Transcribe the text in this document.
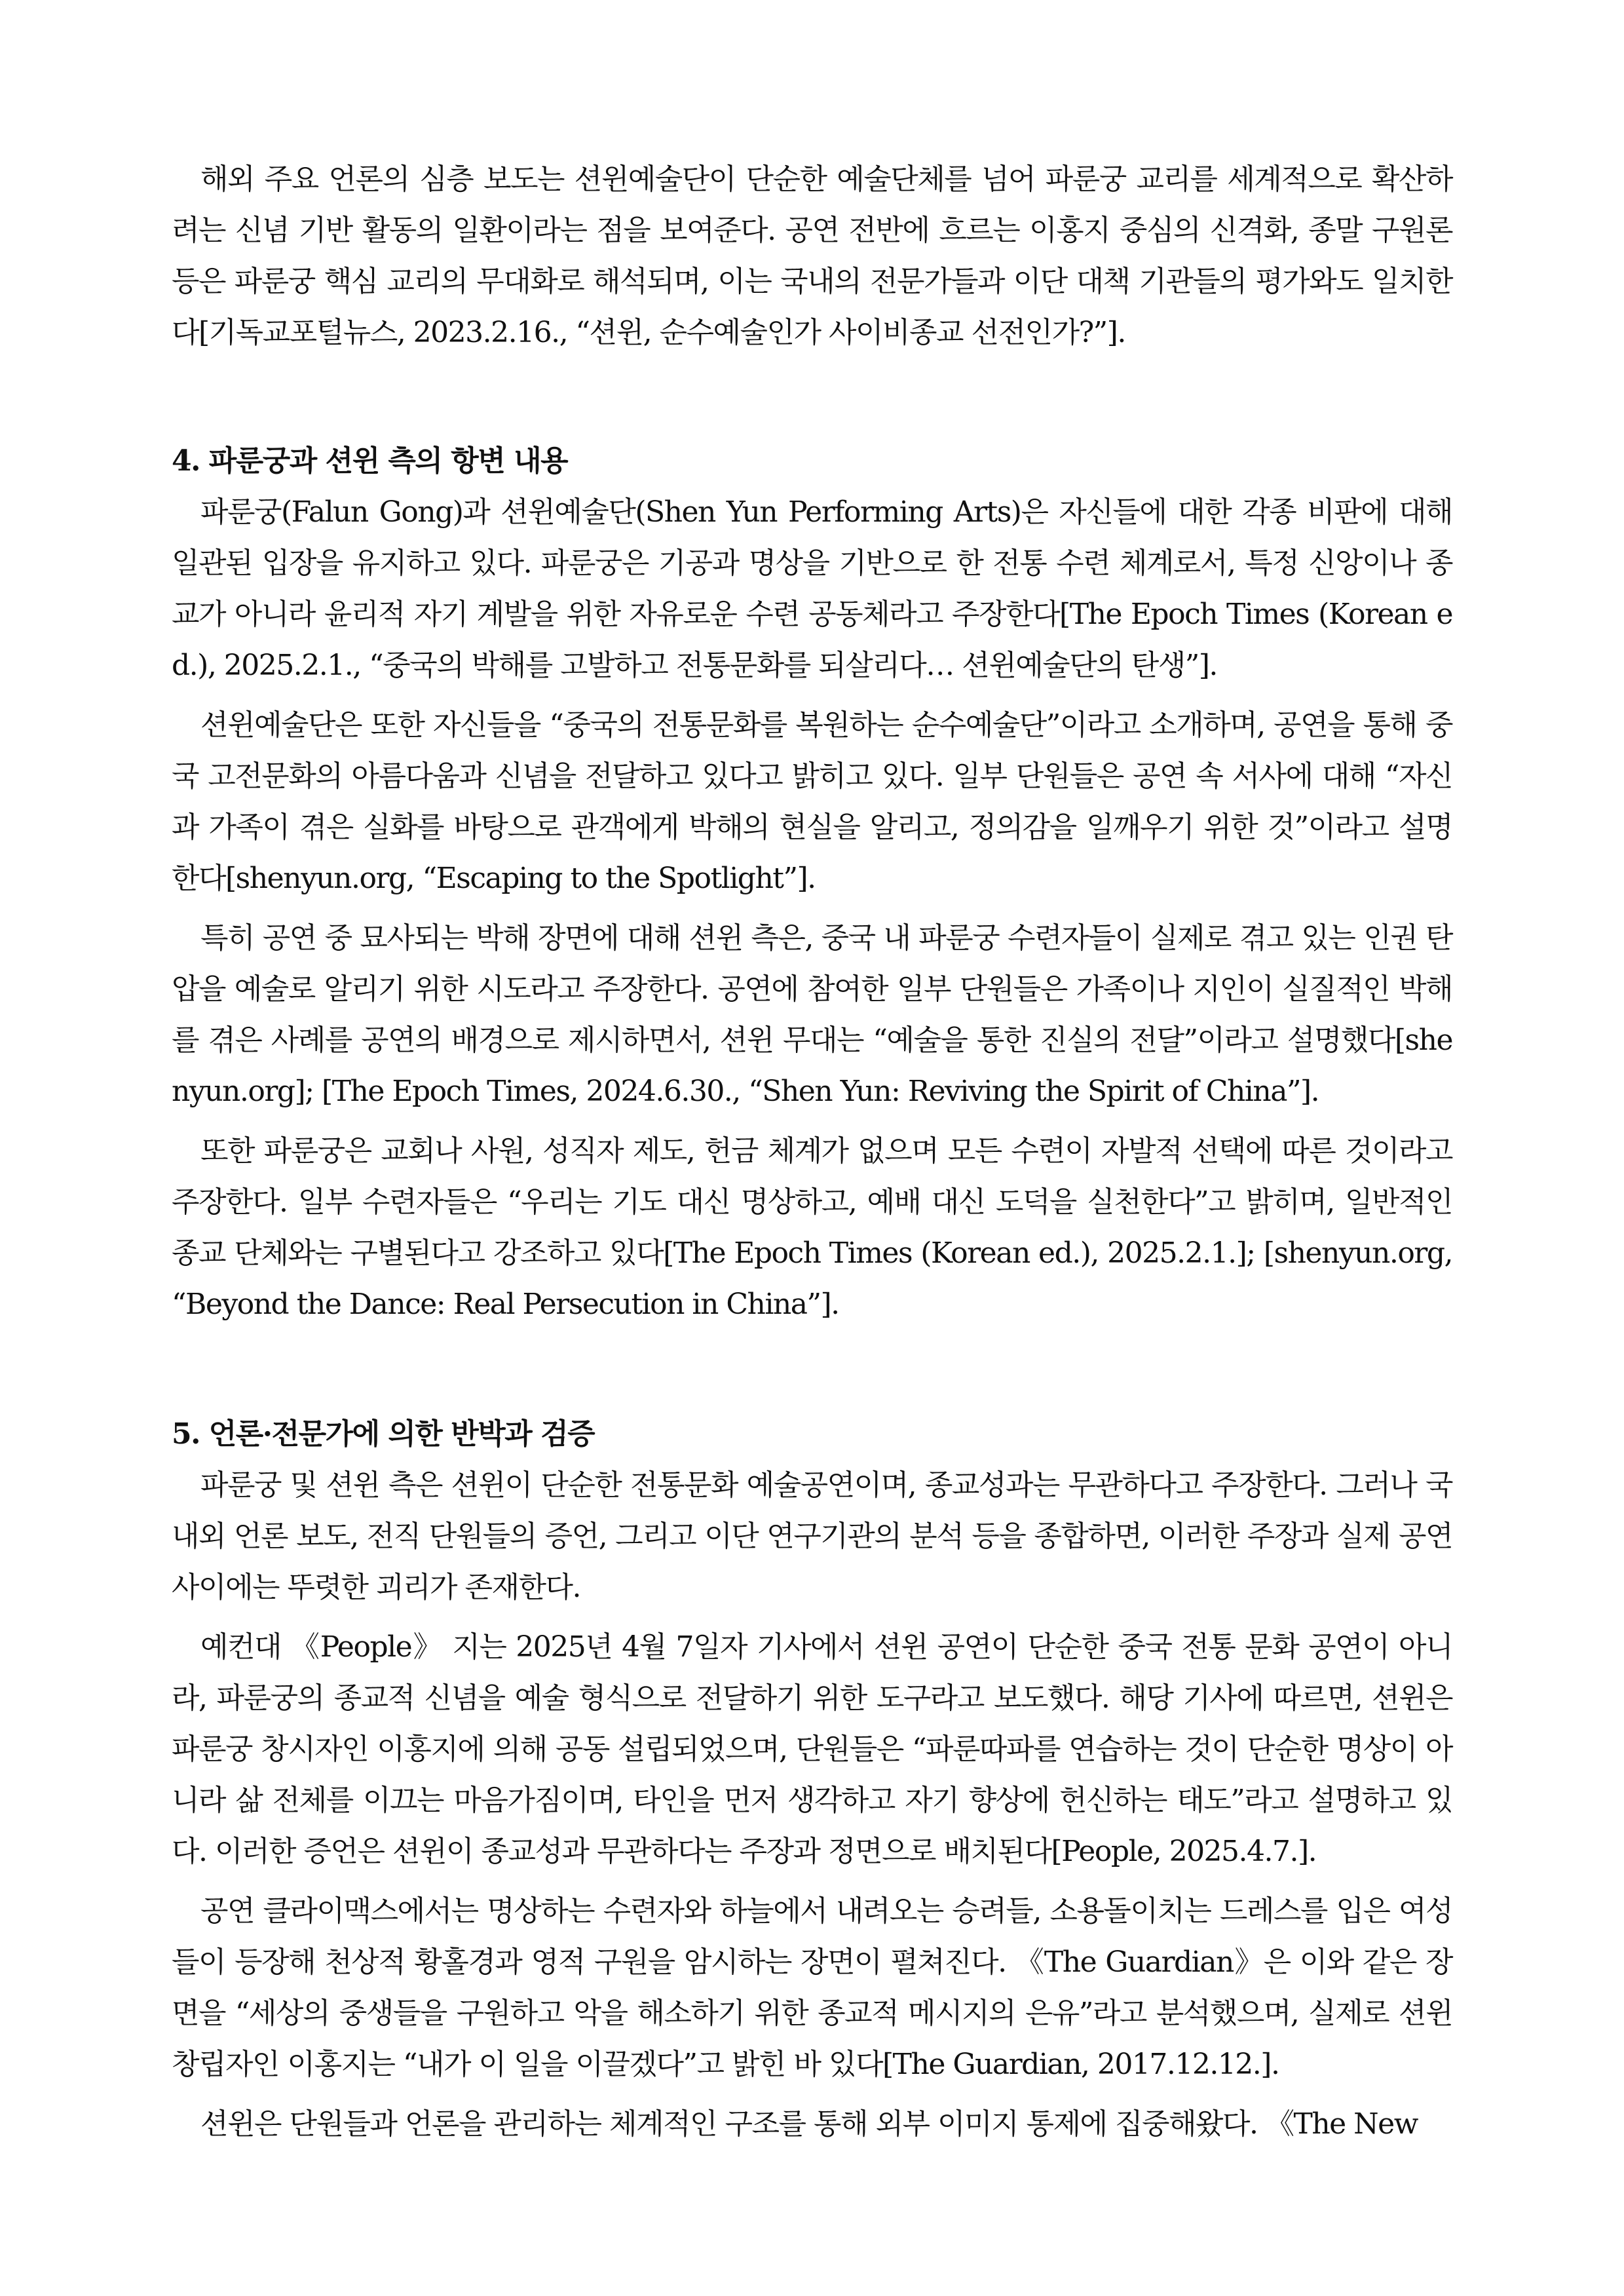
해외 주요 언론의 심층 보도는 션윈예술단이 단순한 예술단체를 넘어 파룬궁 교리를 세계적으로 확산하려는 신념 기반 활동의 일환이라는 점을 보여준다. 공연 전반에 흐르는 이홍지 중심의 신격화, 종말 구원론 등은 파룬궁 핵심 교리의 무대화로 해석되며, 이는 국내의 전문가들과 이단 대책 기관들의 평가와도 일치한다[기독교포털뉴스, 2023.2.16., “션윈, 순수예술인가 사이비종교 선전인가?”].

4. 파룬궁과 션윈 측의 항변 내용

파룬궁(Falun Gong)과 션윈예술단(Shen Yun Performing Arts)은 자신들에 대한 각종 비판에 대해 일관된 입장을 유지하고 있다. 파룬궁은 기공과 명상을 기반으로 한 전통 수련 체계로서, 특정 신앙이나 종교가 아니라 윤리적 자기 계발을 위한 자유로운 수련 공동체라고 주장한다[The Epoch Times (Korean ed.), 2025.2.1., “중국의 박해를 고발하고 전통문화를 되살리다… 션윈예술단의 탄생”].

션윈예술단은 또한 자신들을 “중국의 전통문화를 복원하는 순수예술단”이라고 소개하며, 공연을 통해 중국 고전문화의 아름다움과 신념을 전달하고 있다고 밝히고 있다. 일부 단원들은 공연 속 서사에 대해 “자신과 가족이 겪은 실화를 바탕으로 관객에게 박해의 현실을 알리고, 정의감을 일깨우기 위한 것”이라고 설명한다[shenyun.org, “Escaping to the Spotlight”].

특히 공연 중 묘사되는 박해 장면에 대해 션윈 측은, 중국 내 파룬궁 수련자들이 실제로 겪고 있는 인권 탄압을 예술로 알리기 위한 시도라고 주장한다. 공연에 참여한 일부 단원들은 가족이나 지인이 실질적인 박해를 겪은 사례를 공연의 배경으로 제시하면서, 션윈 무대는 “예술을 통한 진실의 전달”이라고 설명했다[shenyun.org]; [The Epoch Times, 2024.6.30., “Shen Yun: Reviving the Spirit of China”].

또한 파룬궁은 교회나 사원, 성직자 제도, 헌금 체계가 없으며 모든 수련이 자발적 선택에 따른 것이라고 주장한다. 일부 수련자들은 “우리는 기도 대신 명상하고, 예배 대신 도덕을 실천한다”고 밝히며, 일반적인 종교 단체와는 구별된다고 강조하고 있다[The Epoch Times (Korean ed.), 2025.2.1.]; [shenyun.org, “Beyond the Dance: Real Persecution in China”].

5. 언론·전문가에 의한 반박과 검증

파룬궁 및 션윈 측은 션윈이 단순한 전통문화 예술공연이며, 종교성과는 무관하다고 주장한다. 그러나 국내외 언론 보도, 전직 단원들의 증언, 그리고 이단 연구기관의 분석 등을 종합하면, 이러한 주장과 실제 공연 사이에는 뚜렷한 괴리가 존재한다.

예컨대 《People》 지는 2025년 4월 7일자 기사에서 션윈 공연이 단순한 중국 전통 문화 공연이 아니라, 파룬궁의 종교적 신념을 예술 형식으로 전달하기 위한 도구라고 보도했다. 해당 기사에 따르면, 션윈은 파룬궁 창시자인 이홍지에 의해 공동 설립되었으며, 단원들은 “파룬따파를 연습하는 것이 단순한 명상이 아니라 삶 전체를 이끄는 마음가짐이며, 타인을 먼저 생각하고 자기 향상에 헌신하는 태도”라고 설명하고 있다. 이러한 증언은 션윈이 종교성과 무관하다는 주장과 정면으로 배치된다[People, 2025.4.7.].

공연 클라이맥스에서는 명상하는 수련자와 하늘에서 내려오는 승려들, 소용돌이치는 드레스를 입은 여성들이 등장해 천상적 황홀경과 영적 구원을 암시하는 장면이 펼쳐진다. 《The Guardian》은 이와 같은 장면을 “세상의 중생들을 구원하고 악을 해소하기 위한 종교적 메시지의 은유”라고 분석했으며, 실제로 션윈 창립자인 이홍지는 “내가 이 일을 이끌겠다”고 밝힌 바 있다[The Guardian, 2017.12.12.].

션윈은 단원들과 언론을 관리하는 체계적인 구조를 통해 외부 이미지 통제에 집중해왔다. 《The New
